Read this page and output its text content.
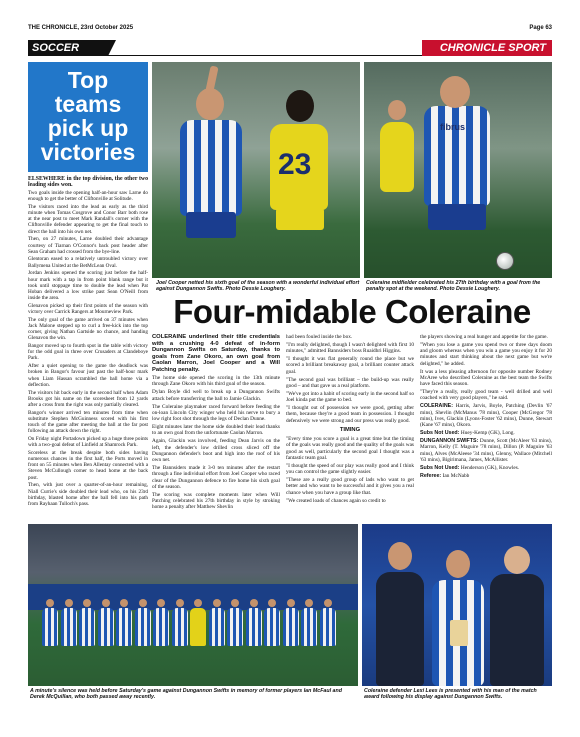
THE CHRONICLE, 23rd October 2025	Page 63
SOCCER	CHRONICLE SPORT
Top teams pick up victories

ELSEWHERE in the top division, the other two leading sides won.

Two goals inside the opening half-an-hour saw Larne do enough to get the better of Cliftonville at Solitude.

The visitors raced into the lead as early as the third minute when Tomas Cosgrove and Conor Barr both rose at the near post to meet Mark Randall's corner with the Cliftonville defender appearing to get the final touch to direct the ball into his own net.

Then, on 27 minutes, Larne doubled their advantage courtesy of Tiarnan O'Connor's back post header after Sean Graham had crossed from the bye-line.

Glentoran eased to a relatively untroubled victory over Ballymena United at the BetMcLean Oval.

Jordan Jenkins opened the scoring just before the half-hour mark with a tap in from point blank range but it took until stoppage time to double the lead when Pat Hoban delivered a low strike past Sean O'Neill from inside the area.

Glenavon picked up their first points of the season with victory over Carrick Rangers at Mourneview Park.

The only goal of the game arrived on 37 minutes when Jack Malone stepped up to curl a free-kick into the top corner, giving Nathan Gartside no chance, and handing Glenavon the win.

Bangor moved up to fourth spot in the table with victory for the odd goal in three over Crusaders at Clandeboye Park.

After a quiet opening to the game the deadlock was broken in Bangor's favour just past the half-hour mark when Liam Hassan scrambled the ball home via a deflection.

The visitors hit back early in the second half when Adam Brooks got his name on the scoresheet from 12 yards after a cross from the right was only partially cleared.

Bangor's winner arrived ten minutes from time when substitute Stephen McGuinness scored with his first touch of the game after meeting the ball at the far post following an attack down the right.

On Friday night Portadown picked up a huge three points with a two-goal defeat of Linfield at Shamrock Park.

Scoreless at the break despite both sides having numerous chances in the first half, the Ports moved in front on 55 minutes when Ben Allentay connected with a Steven McCullough corner to head home at the back post.

Then, with just over a quarter-of-an-hour remaining, Niall Currie's side doubled their lead who, on his 23rd birthday, blasted home after the ball fell into his path from Rayhaan Tulloch's pass.

23
fibrus
Joel Cooper netted his sixth goal of the season with a wonderful individual effort against Dungannon Swifts. Photo Dessie Loughery.
Coleraine midfielder celebrated his 27th birthday with a goal from the penalty spot at the weekend. Photo Dessie Loughery.
Four-midable Coleraine

COLERAINE underlined their title credentials with a crushing 4-0 defeat of in-form Dungannon Swifts on Saturday, thanks to goals from Zane Okoro, an own goal from Caolan Marron, Joel Cooper and a Will Patching penalty.

The home side opened the scoring in the 13th minute through Zane Okoro with his third goal of the season.

Dylan Boyle did well to break up a Dungannon Swifts attack before transferring the ball to Jamie Glackin.

The Coleraine playmaker raced forward before feeding the on-loan Lincoln City winger who held his nerve to bury a low right foot shot through the legs of Declan Dunne.

Eight minutes later the home side doubled their lead thanks to an own goal from the unfortunate Caolan Marron.

Again, Glackin was involved, feeding Dean Jarvis on the left, the defender's low drilled cross sliced off the Dungannon defender's boot and high into the roof of his own net.

The Bannsiders made it 3-0 ten minutes after the restart through a fine individual effort from Joel Cooper who raced clear of the Dungannon defence to fire home his sixth goal of the season.

The scoring was complete moments later when Will Patching celebrated his 27th birthday in style by stroking home a penalty after Matthew Shevlin

had been fouled inside the box.

"I'm really delighted, though I wasn't delighted with first 10 minutes," admitted Bannsiders boss Ruaidhri Higgins.

"I thought it was flat generally round the place but we scored a brilliant breakaway goal, a brilliant counter attack goal.

"The second goal was brilliant – the build-up was really good – and that gave us a real platform.

"We've got into a habit of scoring early in the second half so Joel kinda put the game to bed.

"I thought out of possession we were good, getting after them, because they're a good team in possession. I thought defensively we were strong and our press was really good.

TIMING

"Every time you score a goal is a great time but the timing of the goals was really good and the quality of the goals was good as well, particularly the second goal I thought was a fantastic team goal.

"I thought the speed of our play was really good and I think you can control the game slightly easier.

"These are a really good group of lads who want to get better and who want to be successful and it gives you a real chance when you have a group like that.

"We created loads of chances again so credit to

the players showing a real hunger and appetite for the game.

"When you lose a game you spend two or three days doom and gloom whereas when you win a game you enjoy it for 20 minutes and start thinking about the next game but we're delighted," he added.

It was a less pleasing afternoon for opposite number Rodney McAree who described Coleraine as the best team the Swifts have faced this season.

"They're a really, really good team - well drilled and well coached with very good players," he said.

COLERAINE: Harris, Jarvis, Boyle, Patching (Devlin '67 mins), Shevlin (McManus '78 mins), Cooper (McGregor '78 mins), Ives, Glackin (Lyons-Foster '62 mins), Dunne, Stewart (Kane '67 mins), Okoro.

Subs Not Used: Huey-Kemp (GK), Long.

DUNGANNON SWIFTS: Dunne, Scott (McAleer '63 mins), Marron, Kelly (T. Maguire '78 mins), Dillon (P. Maguire '63 mins), Alves (McAleese '34 mins), Glenny, Wallace (Mitchell '63 mins), Bigirimana, James, McAllister.

Subs Not Used: Henderson (GK), Knowles.

Referee: Ian McNabb

A minute's silence was held before Saturday's game against Dungannon Swifts in memory of former players Ian McFaul and Derek McQuillan, who both passed away recently.
Coleraine defender Lexi Lees is presented with his man of the match award following his display against Dungannon Swifts.
